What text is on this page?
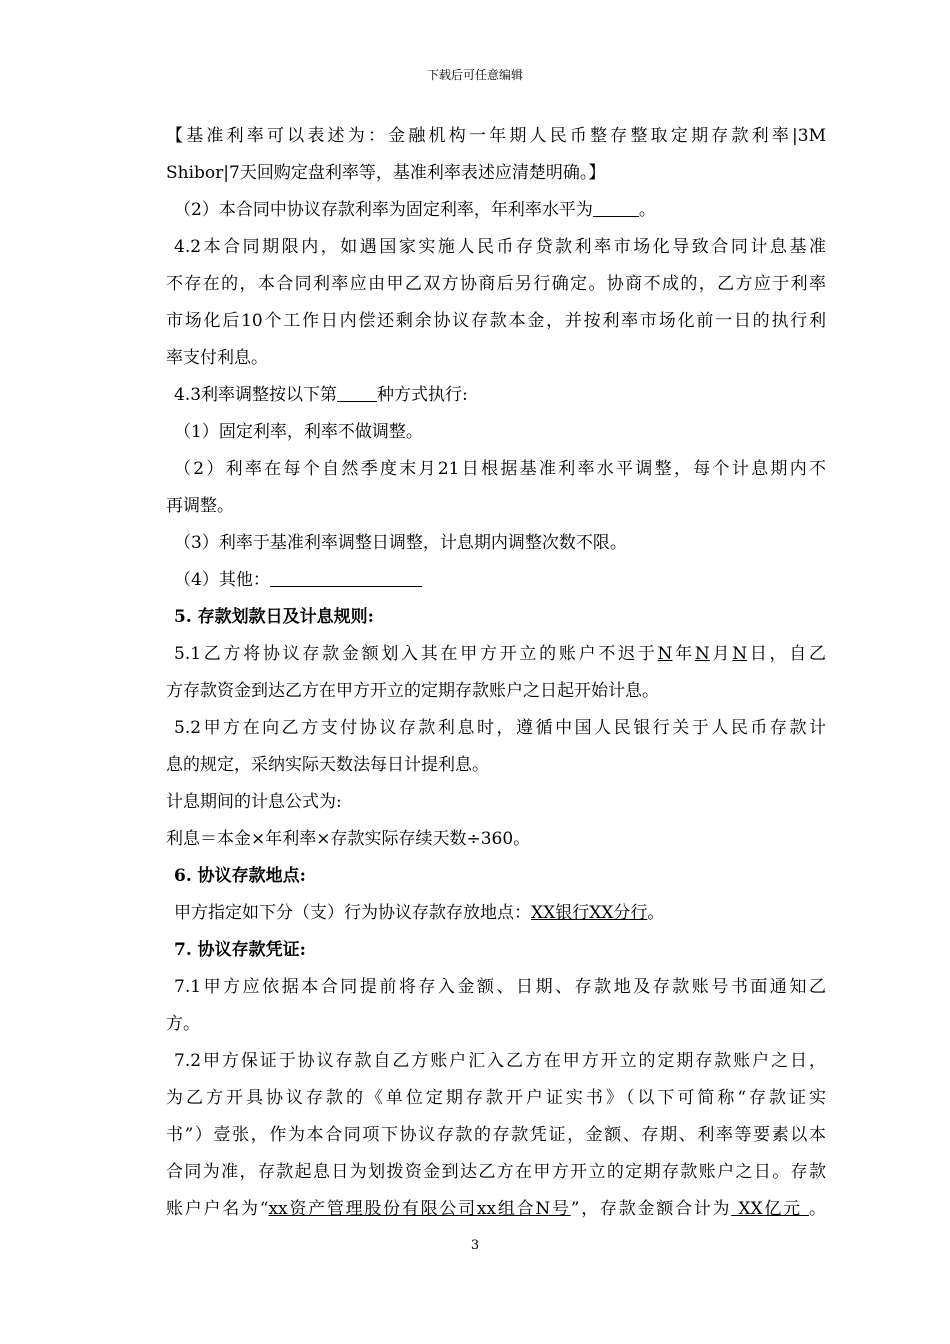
下载后可任意编辑
【基准利率可以表述为：金融机构一年期人民币整存整取定期存款利率|3M
Shibor|7天回购定盘利率等，基准利率表述应清楚明确。】
（2）本合同中协议存款利率为固定利率，年利率水平为	。
4.2本合同期限内，如遇国家实施人民币存贷款利率市场化导致合同计息基准
不存在的，本合同利率应由甲乙双方协商后另行确定。协商不成的，乙方应于利率
市场化后10个工作日内偿还剩余协议存款本金，并按利率市场化前一日的执行利
率支付利息。
4.3利率调整按以下第 种方式执行:
（1）固定利率，利率不做调整。
（2）利率在每个自然季度末月21日根据基准利率水平调整，每个计息期内不
再调整。
（3）利率于基准利率调整日调整，计息期内调整次数不限。
（4）其他：
5. 存款划款日及计息规则:
5.1乙方将协议存款金额划入其在甲方开立的账户不迟于N年N月N日，自乙
方存款资金到达乙方在甲方开立的定期存款账户之日起开始计息。
5.2甲方在向乙方支付协议存款利息时，遵循中国人民银行关于人民币存款计
息的规定，采纳实际天数法每日计提利息。
计息期间的计息公式为:
利息＝本金×年利率×存款实际存续天数÷360。
6. 协议存款地点:
甲方指定如下分（支）行为协议存款存放地点：XX银行XX分行。
7. 协议存款凭证:
7.1甲方应依据本合同提前将存入金额、日期、存款地及存款账号书面通知乙
方。
7.2甲方保证于协议存款自乙方账户汇入乙方在甲方开立的定期存款账户之日，
为乙方开具协议存款的《单位定期存款开户证实书》（以下可简称“存款证实
书”）壹张，作为本合同项下协议存款的存款凭证，金额、存期、利率等要素以本
合同为准，存款起息日为划拨资金到达乙方在甲方开立的定期存款账户之日。存款
账户户名为“xx资产管理股份有限公司xx组合N号”，存款金额合计为 XX亿元 。
3
